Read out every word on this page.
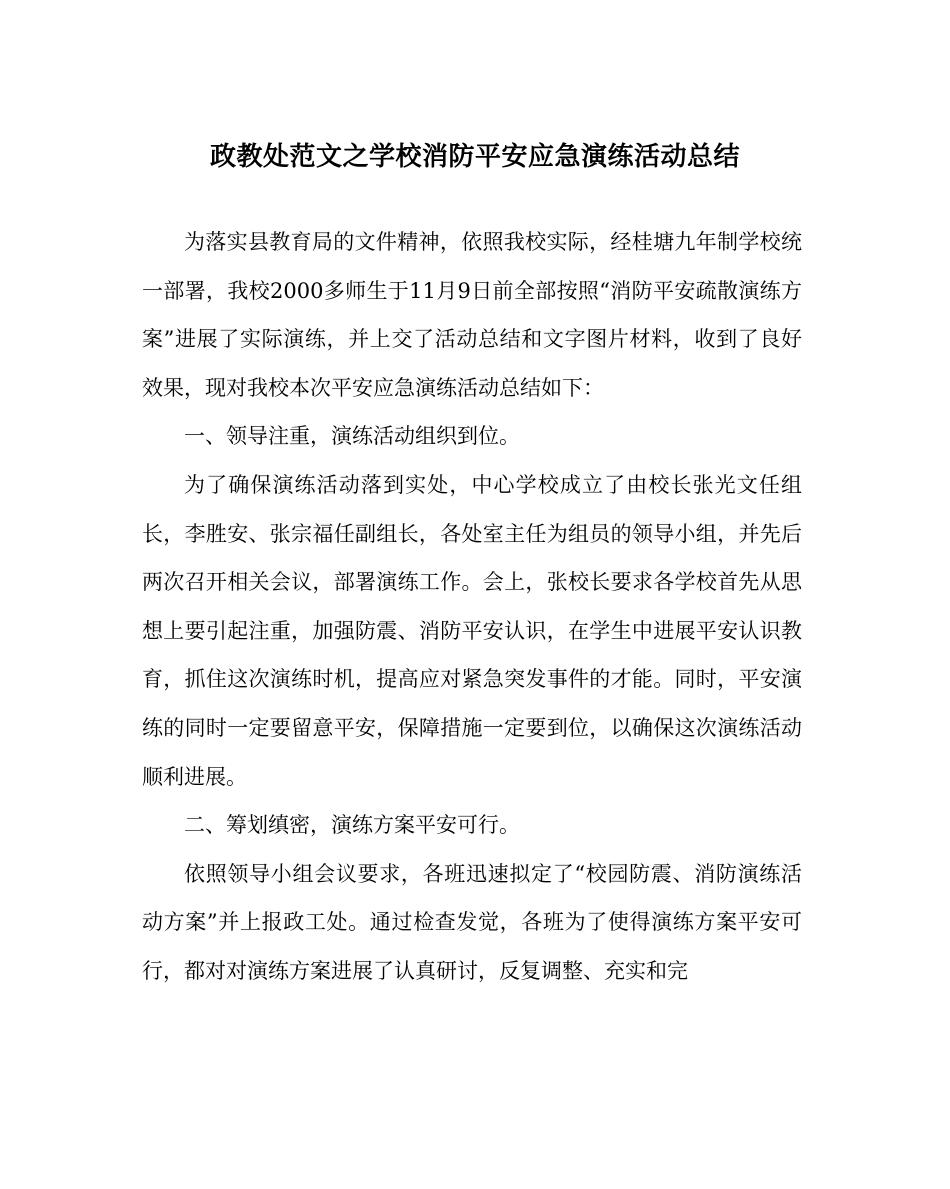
政教处范文之学校消防平安应急演练活动总结

为落实县教育局的文件精神，依照我校实际，经桂塘九年制学校统一部署，我校2000多师生于11月9日前全部按照“消防平安疏散演练方案”进展了实际演练，并上交了活动总结和文字图片材料，收到了良好效果，现对我校本次平安应急演练活动总结如下：

一、领导注重，演练活动组织到位。

为了确保演练活动落到实处，中心学校成立了由校长张光文任组长，李胜安、张宗福任副组长，各处室主任为组员的领导小组，并先后两次召开相关会议，部署演练工作。会上，张校长要求各学校首先从思想上要引起注重，加强防震、消防平安认识，在学生中进展平安认识教育，抓住这次演练时机，提高应对紧急突发事件的才能。同时，平安演练的同时一定要留意平安，保障措施一定要到位，以确保这次演练活动顺利进展。

二、筹划缜密，演练方案平安可行。

依照领导小组会议要求，各班迅速拟定了“校园防震、消防演练活动方案”并上报政工处。通过检查发觉，各班为了使得演练方案平安可行，都对对演练方案进展了认真研讨，反复调整、充实和完
